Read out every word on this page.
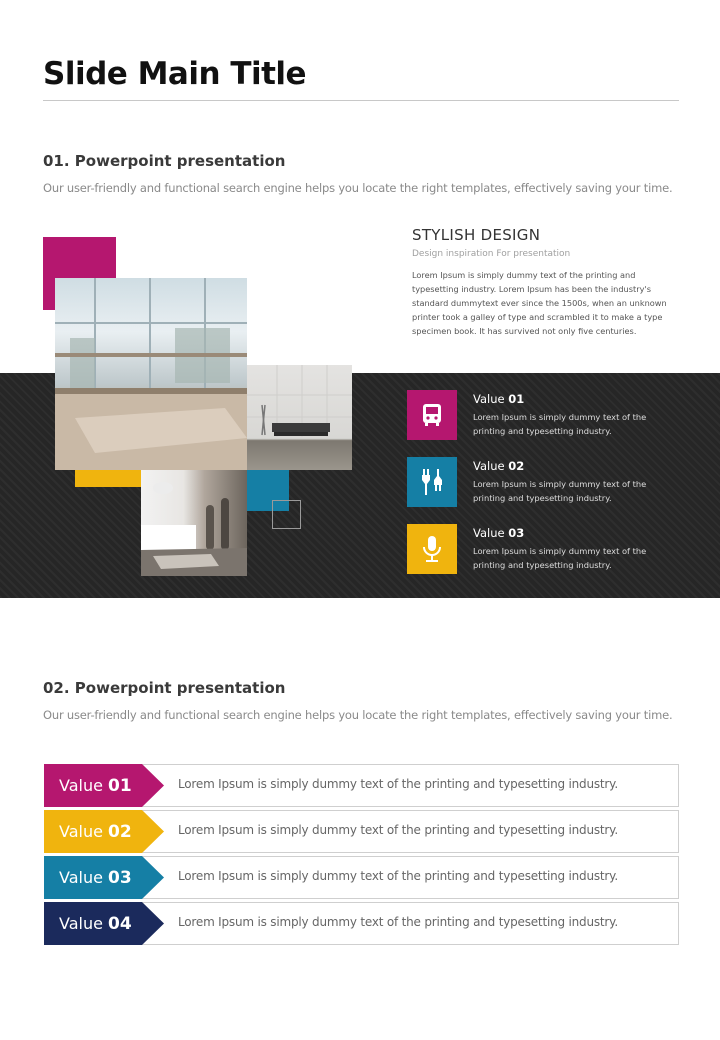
Slide Main Title
01. Powerpoint presentation
Our user-friendly and functional search engine helps you locate the right templates, effectively saving your time.
STYLISH DESIGN
Design inspiration For presentation
Lorem Ipsum is simply dummy text of the printing and typesetting industry. Lorem Ipsum has been the industry's standard dummytext ever since the 1500s, when an unknown printer took a galley of type and scrambled it to make a type specimen book. It has survived not only five centuries.
Value 01
Lorem Ipsum is simply dummy text of the printing and typesetting industry.
Value 02
Lorem Ipsum is simply dummy text of the printing and typesetting industry.
Value 03
Lorem Ipsum is simply dummy text of the printing and typesetting industry.
02. Powerpoint presentation
Our user-friendly and functional search engine helps you locate the right templates, effectively saving your time.
Value 01	Lorem Ipsum is simply dummy text of the printing and typesetting industry.
Value 02	Lorem Ipsum is simply dummy text of the printing and typesetting industry.
Value 03	Lorem Ipsum is simply dummy text of the printing and typesetting industry.
Value 04	Lorem Ipsum is simply dummy text of the printing and typesetting industry.
